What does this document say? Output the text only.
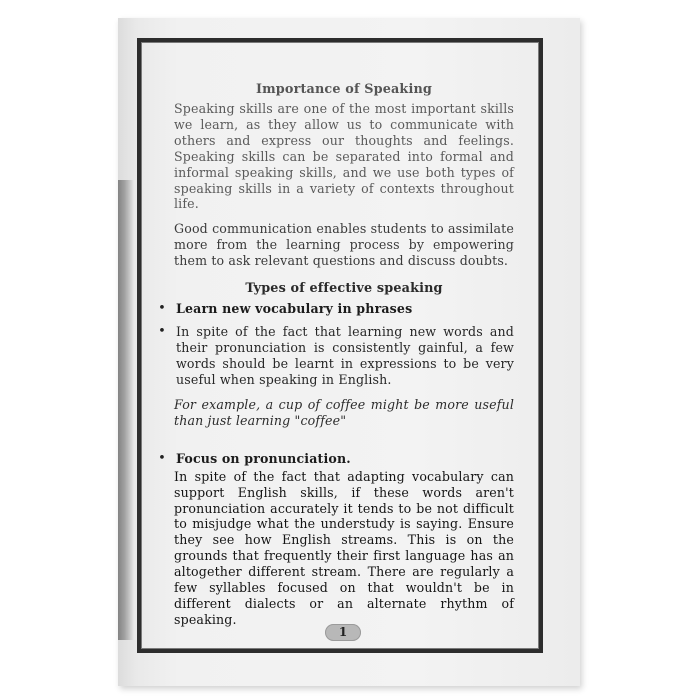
Importance of Speaking

Speaking skills are one of the most important skills we learn, as they allow us to communicate with others and express our thoughts and feelings. Speaking skills can be separated into formal and informal speaking skills, and we use both types of speaking skills in a variety of contexts throughout life.

Good communication enables students to assimilate more from the learning process by empowering them to ask relevant questions and discuss doubts.

Types of effective speaking

• Learn new vocabulary in phrases

• In spite of the fact that learning new words and their pronunciation is consistently gainful, a few words should be learnt in expressions to be very useful when speaking in English.

For example, a cup of coffee might be more useful than just learning "coffee"

• Focus on pronunciation.

In spite of the fact that adapting vocabulary can support English skills, if these words aren't pronunciation accurately it tends to be not difficult to misjudge what the understudy is saying. Ensure they see how English streams. This is on the grounds that frequently their first language has an altogether different stream. There are regularly a few syllables focused on that wouldn't be in different dialects or an alternate rhythm of speaking.

1
